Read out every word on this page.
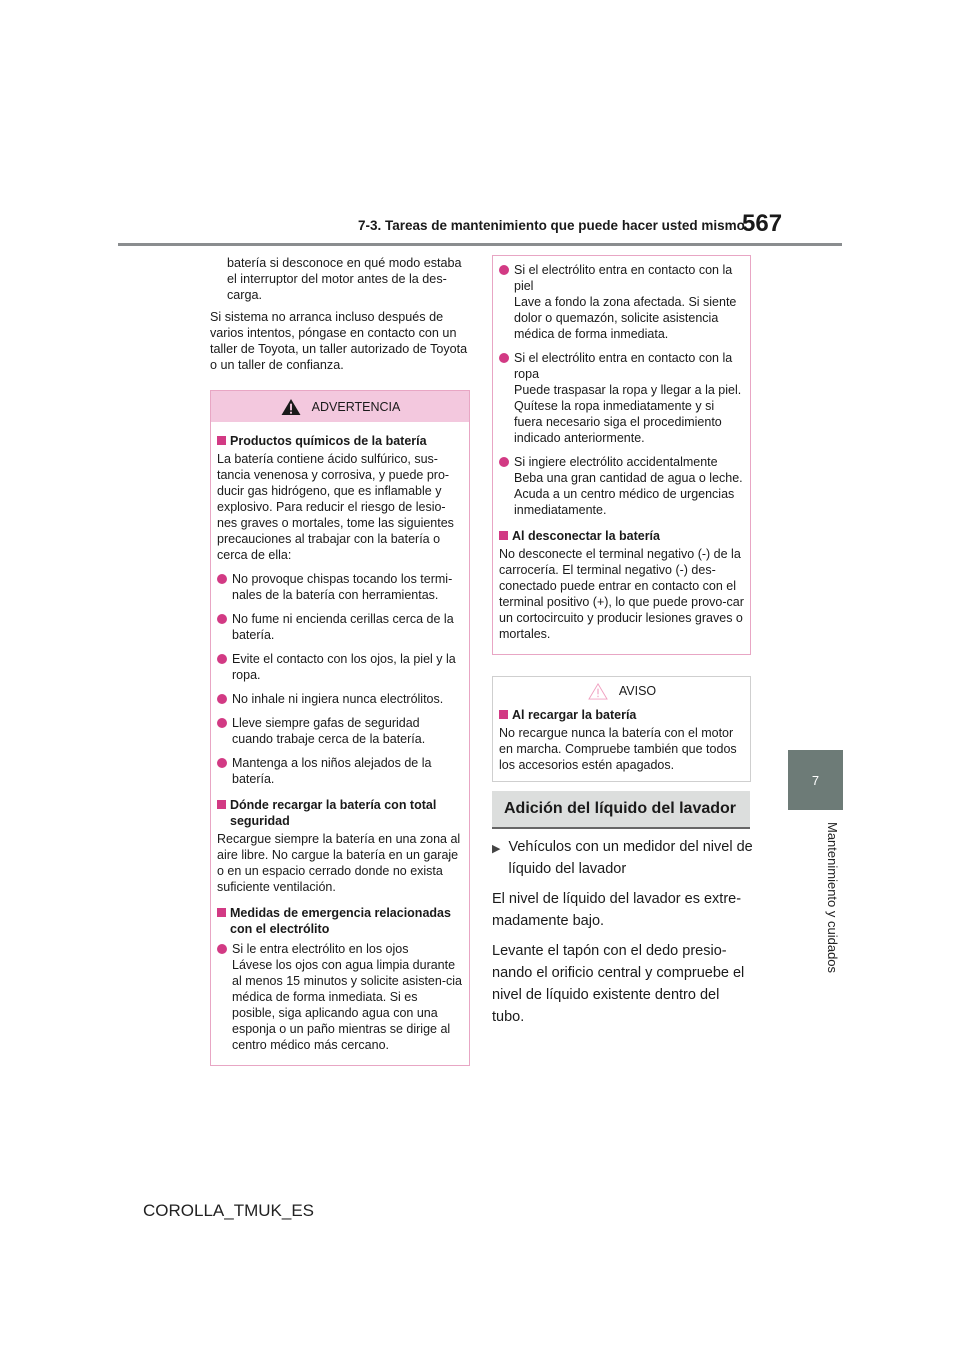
7-3. Tareas de mantenimiento que puede hacer usted mismo
567
7
Mantenimiento y cuidados

batería si desconoce en qué modo estaba el interruptor del motor antes de la des-carga.

Si sistema no arranca incluso después de varios intentos, póngase en contacto con un taller de Toyota, un taller autorizado de Toyota o un taller de confianza.

ADVERTENCIA
Productos químicos de la batería

La batería contiene ácido sulfúrico, sus-tancia venenosa y corrosiva, y puede pro-ducir gas hidrógeno, que es inflamable y explosivo. Para reducir el riesgo de lesio-nes graves o mortales, tome las siguientes precauciones al trabajar con la batería o cerca de ella:

No provoque chispas tocando los termi-nales de la batería con herramientas.
No fume ni encienda cerillas cerca de la batería.
Evite el contacto con los ojos, la piel y la ropa.
No inhale ni ingiera nunca electrólitos.
Lleve siempre gafas de seguridad cuando trabaje cerca de la batería.
Mantenga a los niños alejados de la batería.
Dónde recargar la batería con total seguridad

Recargue siempre la batería en una zona al aire libre. No cargue la batería en un garaje o en un espacio cerrado donde no exista suficiente ventilación.

Medidas de emergencia relacionadas con el electrólito
Si le entra electrólito en los ojos
Lávese los ojos con agua limpia durante al menos 15 minutos y solicite asisten-cia médica de forma inmediata. Si es posible, siga aplicando agua con una esponja o un paño mientras se dirige al centro médico más cercano.
Si el electrólito entra en contacto con la piel
Lave a fondo la zona afectada. Si siente dolor o quemazón, solicite asistencia médica de forma inmediata.
Si el electrólito entra en contacto con la ropa
Puede traspasar la ropa y llegar a la piel. Quítese la ropa inmediatamente y si fuera necesario siga el procedimiento indicado anteriormente.
Si ingiere electrólito accidentalmente
Beba una gran cantidad de agua o leche. Acuda a un centro médico de urgencias inmediatamente.
Al desconectar la batería

No desconecte el terminal negativo (-) de la carrocería. El terminal negativo (-) des-conectado puede entrar en contacto con el terminal positivo (+), lo que puede provo-car un cortocircuito y producir lesiones graves o mortales.

AVISO
Al recargar la batería

No recargue nunca la batería con el motor en marcha. Compruebe también que todos los accesorios estén apagados.

Adición del líquido del lavador
▶ Vehículos con un medidor del nivel de líquido del lavador

El nivel de líquido del lavador es extre-madamente bajo.

Levante el tapón con el dedo presio-nando el orificio central y compruebe el nivel de líquido existente dentro del tubo.

COROLLA_TMUK_ES
